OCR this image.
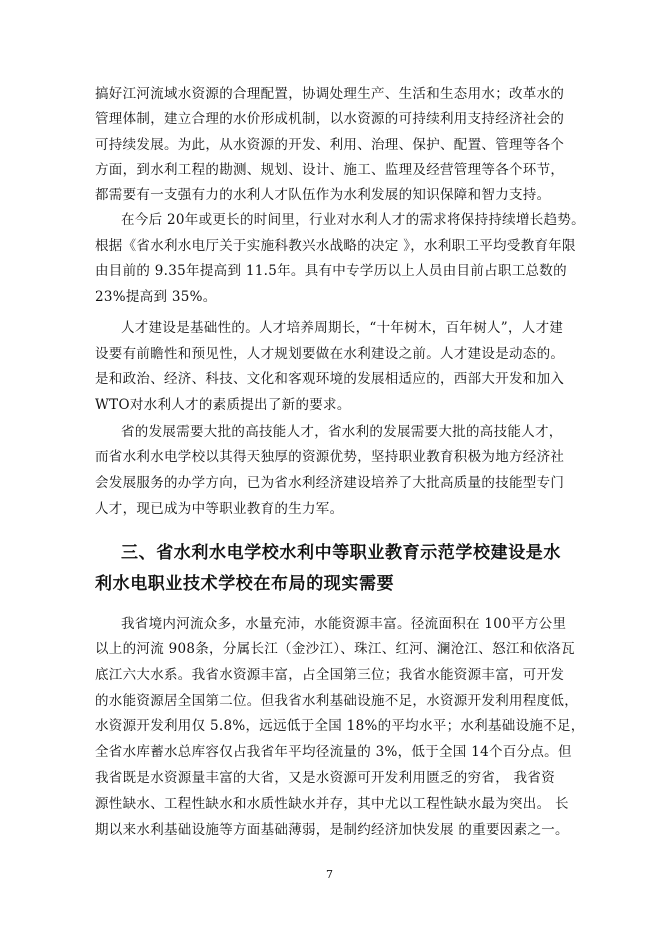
搞好江河流域水资源的合理配置，协调处理生产、生活和生态用水；改革水的
管理体制，建立合理的水价形成机制，以水资源的可持续利用支持经济社会的
可持续发展。为此，从水资源的开发、利用、治理、保护、配置、管理等各个
方面，到水利工程的勘测、规划、设计、施工、监理及经营管理等各个环节，
都需要有一支强有力的水利人才队伍作为水利发展的知识保障和智力支持。
在今后 20年或更长的时间里，行业对水利人才的需求将保持持续增长趋势。
根据《省水利水电厅关于实施科教兴水战略的决定 》，水利职工平均受教育年限
由目前的 9.35年提高到 11.5年。具有中专学历以上人员由目前占职工总数的
23%提高到 35%。
人才建设是基础性的。人才培养周期长，“十年树木，百年树人”，人才建
设要有前瞻性和预见性，人才规划要做在水利建设之前。人才建设是动态的。
是和政治、经济、科技、文化和客观环境的发展相适应的，西部大开发和加入
WTO对水利人才的素质提出了新的要求。
省的发展需要大批的高技能人才，省水利的发展需要大批的高技能人才，
而省水利水电学校以其得天独厚的资源优势，坚持职业教育积极为地方经济社
会发展服务的办学方向，已为省水利经济建设培养了大批高质量的技能型专门
人才，现已成为中等职业教育的生力军。
三、省水利水电学校水利中等职业教育示范学校建设是水
利水电职业技术学校在布局的现实需要
我省境内河流众多，水量充沛，水能资源丰富。径流面积在 100平方公里
以上的河流 908条，分属长江（金沙江）、珠江、红河、澜沧江、怒江和依洛瓦
底江六大水系。我省水资源丰富，占全国第三位；我省水能资源丰富，可开发
的水能资源居全国第二位。但我省水利基础设施不足，水资源开发利用程度低，
水资源开发利用仅 5.8%，远远低于全国 18%的平均水平；水利基础设施不足，
全省水库蓄水总库容仅占我省年平均径流量的 3%，低于全国 14个百分点。但
我省既是水资源量丰富的大省，又是水资源可开发利用匮乏的穷省， 我省资
源性缺水、工程性缺水和水质性缺水并存，其中尤以工程性缺水最为突出。 长
期以来水利基础设施等方面基础薄弱，是制约经济加快发展 的重要因素之一。
7
